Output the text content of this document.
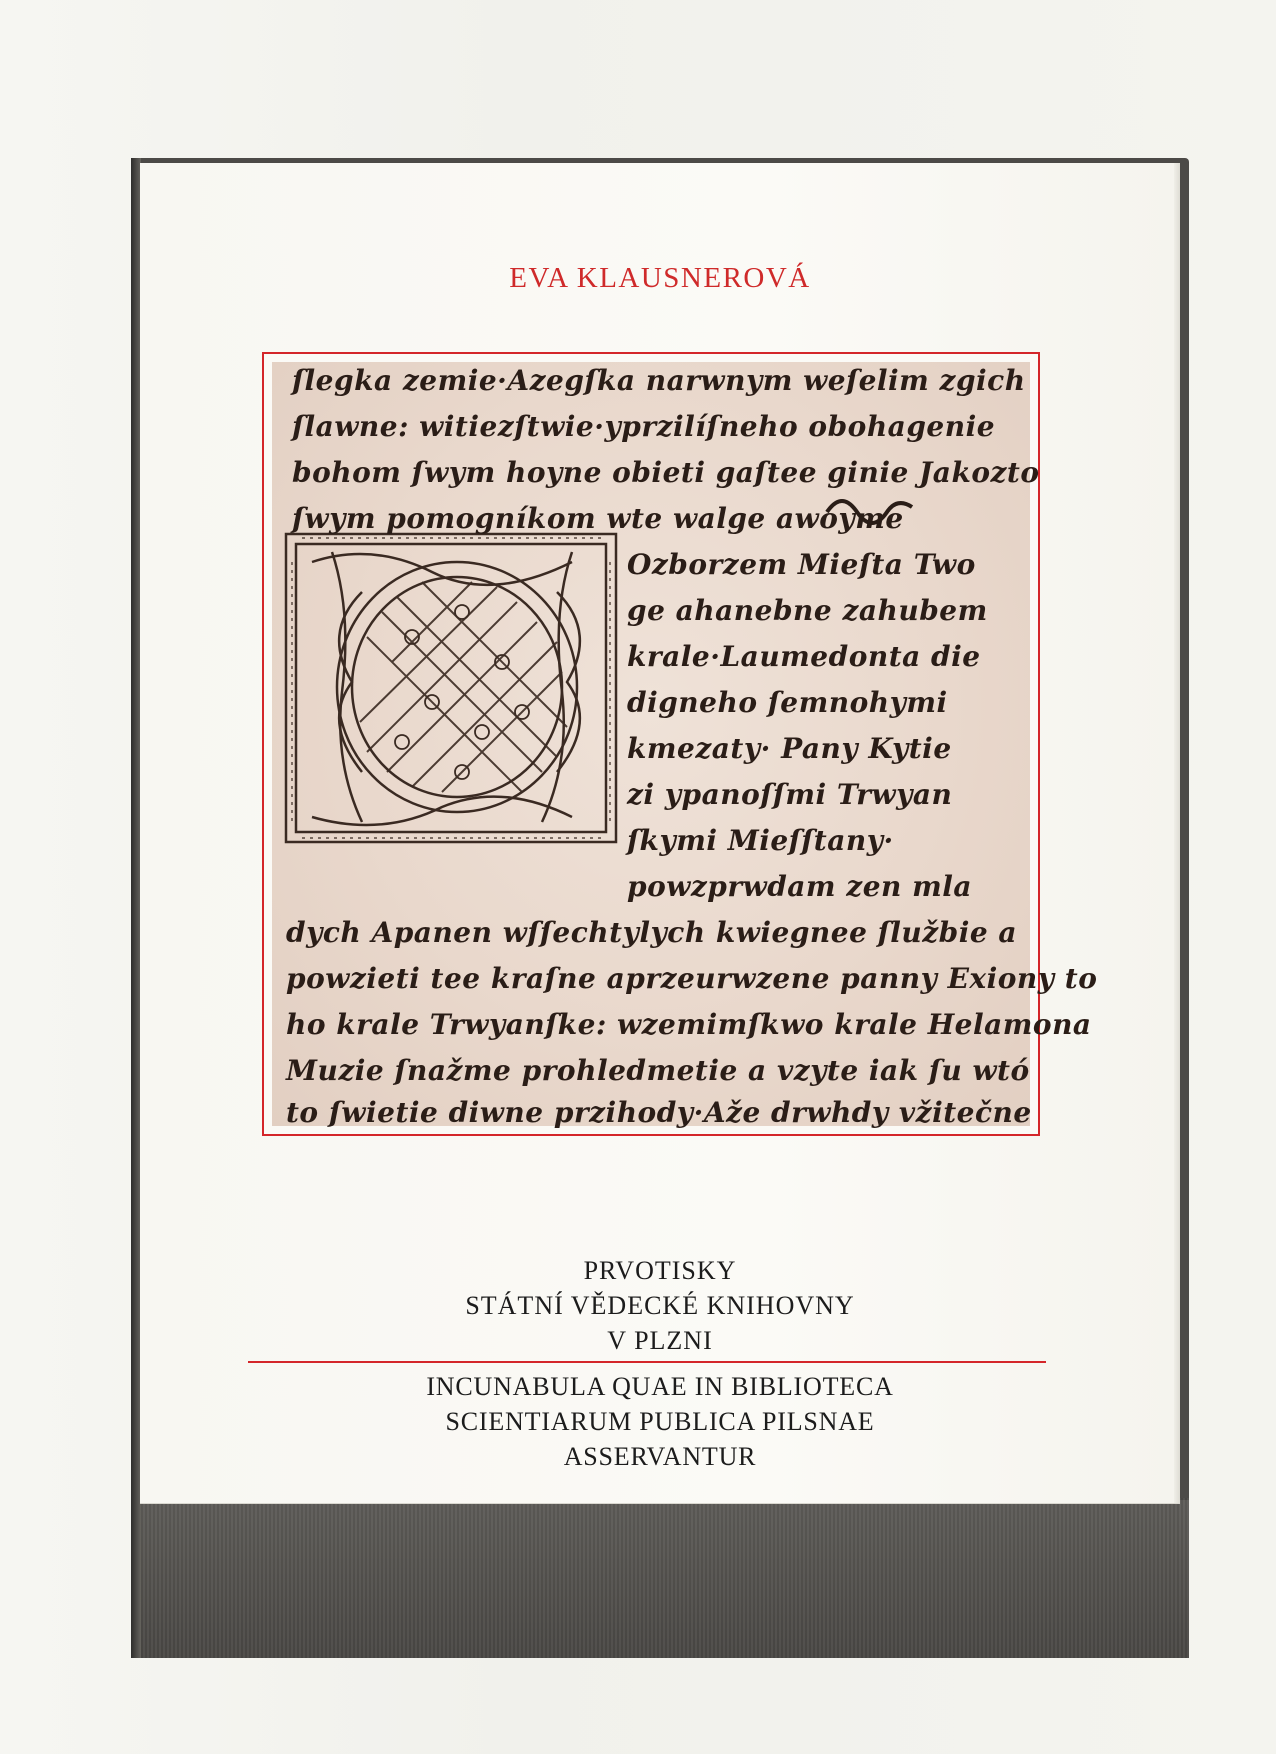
EVA KLAUSNEROVÁ
ſlegka zemie·Azegſka narwnym weſelim zgich
ſlawne: witiezſtwie·yprzilíſneho obohagenie
bohom ſwym hoyne obieti gaſtee ginie Jakozto
ſwym pomogníkom wte walge awoyme
Ozborzem Mieſta Two
ge ahanebne zahubem
krale·Laumedonta die
digneho ſemnohymi
kmezaty· Pany Kytie
zi ypanoſſmi Trwyan
ſkymi Mieſſtany·
powzprwdam zen mla
dych Apanen wſſechtylych kwiegnee ſlužbie a
powzieti tee kraſne aprzeurwzene panny Exiony to
ho krale Trwyanſke: wzemimſkwo krale Helamona
Muzie ſnažme prohledmetie a vzyte iak ſu wtó
to ſwietie diwne przihody·Aže drwhdy vžitečne
PRVOTISKY
STÁTNÍ VĚDECKÉ KNIHOVNY
V PLZNI
INCUNABULA QUAE IN BIBLIOTECA
SCIENTIARUM PUBLICA PILSNAE
ASSERVANTUR
